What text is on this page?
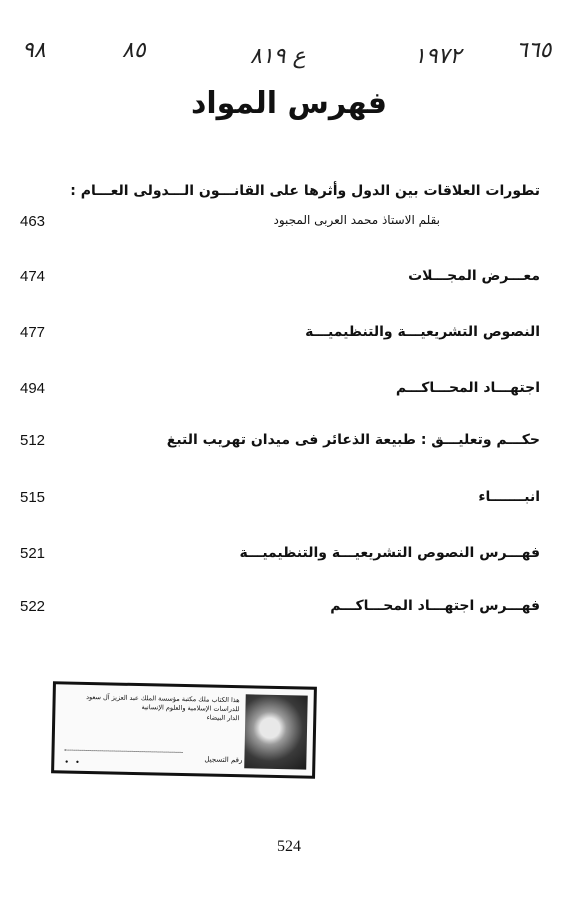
٩٨	٨٥	ع ٨١٩	١٩٧٢ ٦٦٥
فهرس المواد
تطورات العلاقات بين الدول وأثرها على القانـــون الـــدولى العـــام :
463	بقلم الاستاذ محمد العربى المجبود
474	معـــرض المجـــلات
477	النصوص التشريعيـــة والتنظيميـــة
494	اجتهـــاد المحـــاكـــم
512	حكـــم وتعليـــق : طبيعة الذعائر فى ميدان تهريب التبغ
515	انبـــــــاء
521	فهـــرس النصوص التشريعيـــة والتنظيميـــة
522	فهـــرس اجتهـــاد المحـــاكـــم
هذا الكتاب ملك مكتبة مؤسسة الملك عبد العزيز آل سعود
للدراسات الإسلامية والعلوم الإنسانية
الدار البيضاء
رقم التسجيل
••
524
